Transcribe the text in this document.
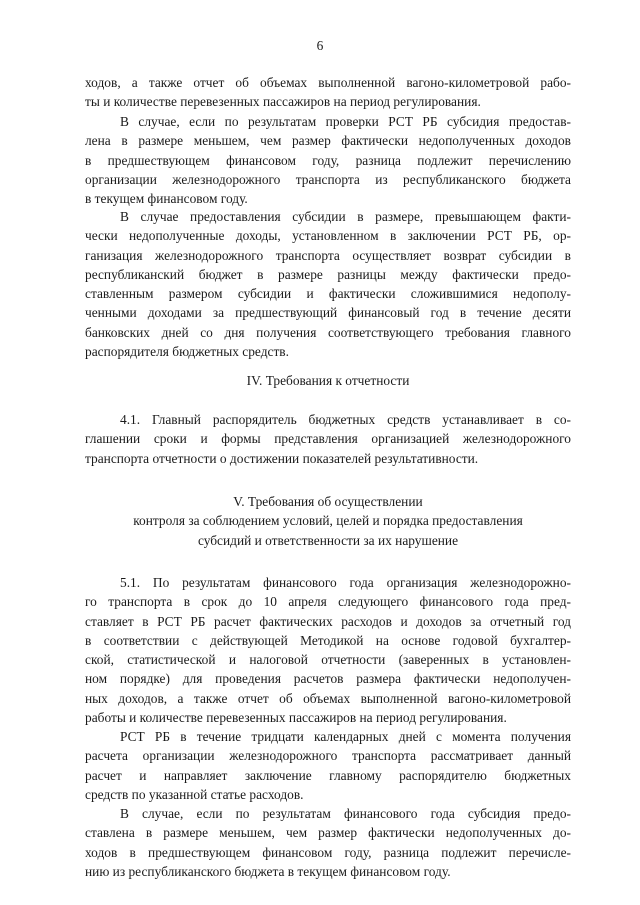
6
ходов, а также отчет об объемах выполненной вагоно-километровой рабо-
ты и количестве перевезенных пассажиров на период регулирования.
В случае, если по результатам проверки РСТ РБ субсидия предостав-
лена в размере меньшем, чем размер фактически недополученных доходов
в предшествующем финансовом году, разница подлежит перечислению
организации железнодорожного транспорта из республиканского бюджета
в текущем финансовом году.
В случае предоставления субсидии в размере, превышающем факти-
чески недополученные доходы, установленном в заключении РСТ РБ, ор-
ганизация железнодорожного транспорта осуществляет возврат субсидии в
республиканский бюджет в размере разницы между фактически предо-
ставленным размером субсидии и фактически сложившимися недополу-
ченными доходами за предшествующий финансовый год в течение десяти
банковских дней со дня получения соответствующего требования главного
распорядителя бюджетных средств.
IV. Требования к отчетности
4.1. Главный распорядитель бюджетных средств устанавливает в со-
глашении сроки и формы представления организацией железнодорожного
транспорта отчетности о достижении показателей результативности.
V. Требования об осуществлении
контроля за соблюдением условий, целей и порядка предоставления
субсидий и ответственности за их нарушение
5.1. По результатам финансового года организация железнодорожно-
го транспорта в срок до 10 апреля следующего финансового года пред-
ставляет в РСТ РБ расчет фактических расходов и доходов за отчетный год
в соответствии с действующей Методикой на основе годовой бухгалтер-
ской, статистической и налоговой отчетности (заверенных в установлен-
ном порядке) для проведения расчетов размера фактически недополучен-
ных доходов, а также отчет об объемах выполненной вагоно-километровой
работы и количестве перевезенных пассажиров на период регулирования.
РСТ РБ в течение тридцати календарных дней с момента получения
расчета организации железнодорожного транспорта рассматривает данный
расчет и направляет заключение главному распорядителю бюджетных
средств по указанной статье расходов.
В случае, если по результатам финансового года субсидия предо-
ставлена в размере меньшем, чем размер фактически недополученных до-
ходов в предшествующем финансовом году, разница подлежит перечисле-
нию из республиканского бюджета в текущем финансовом году.
